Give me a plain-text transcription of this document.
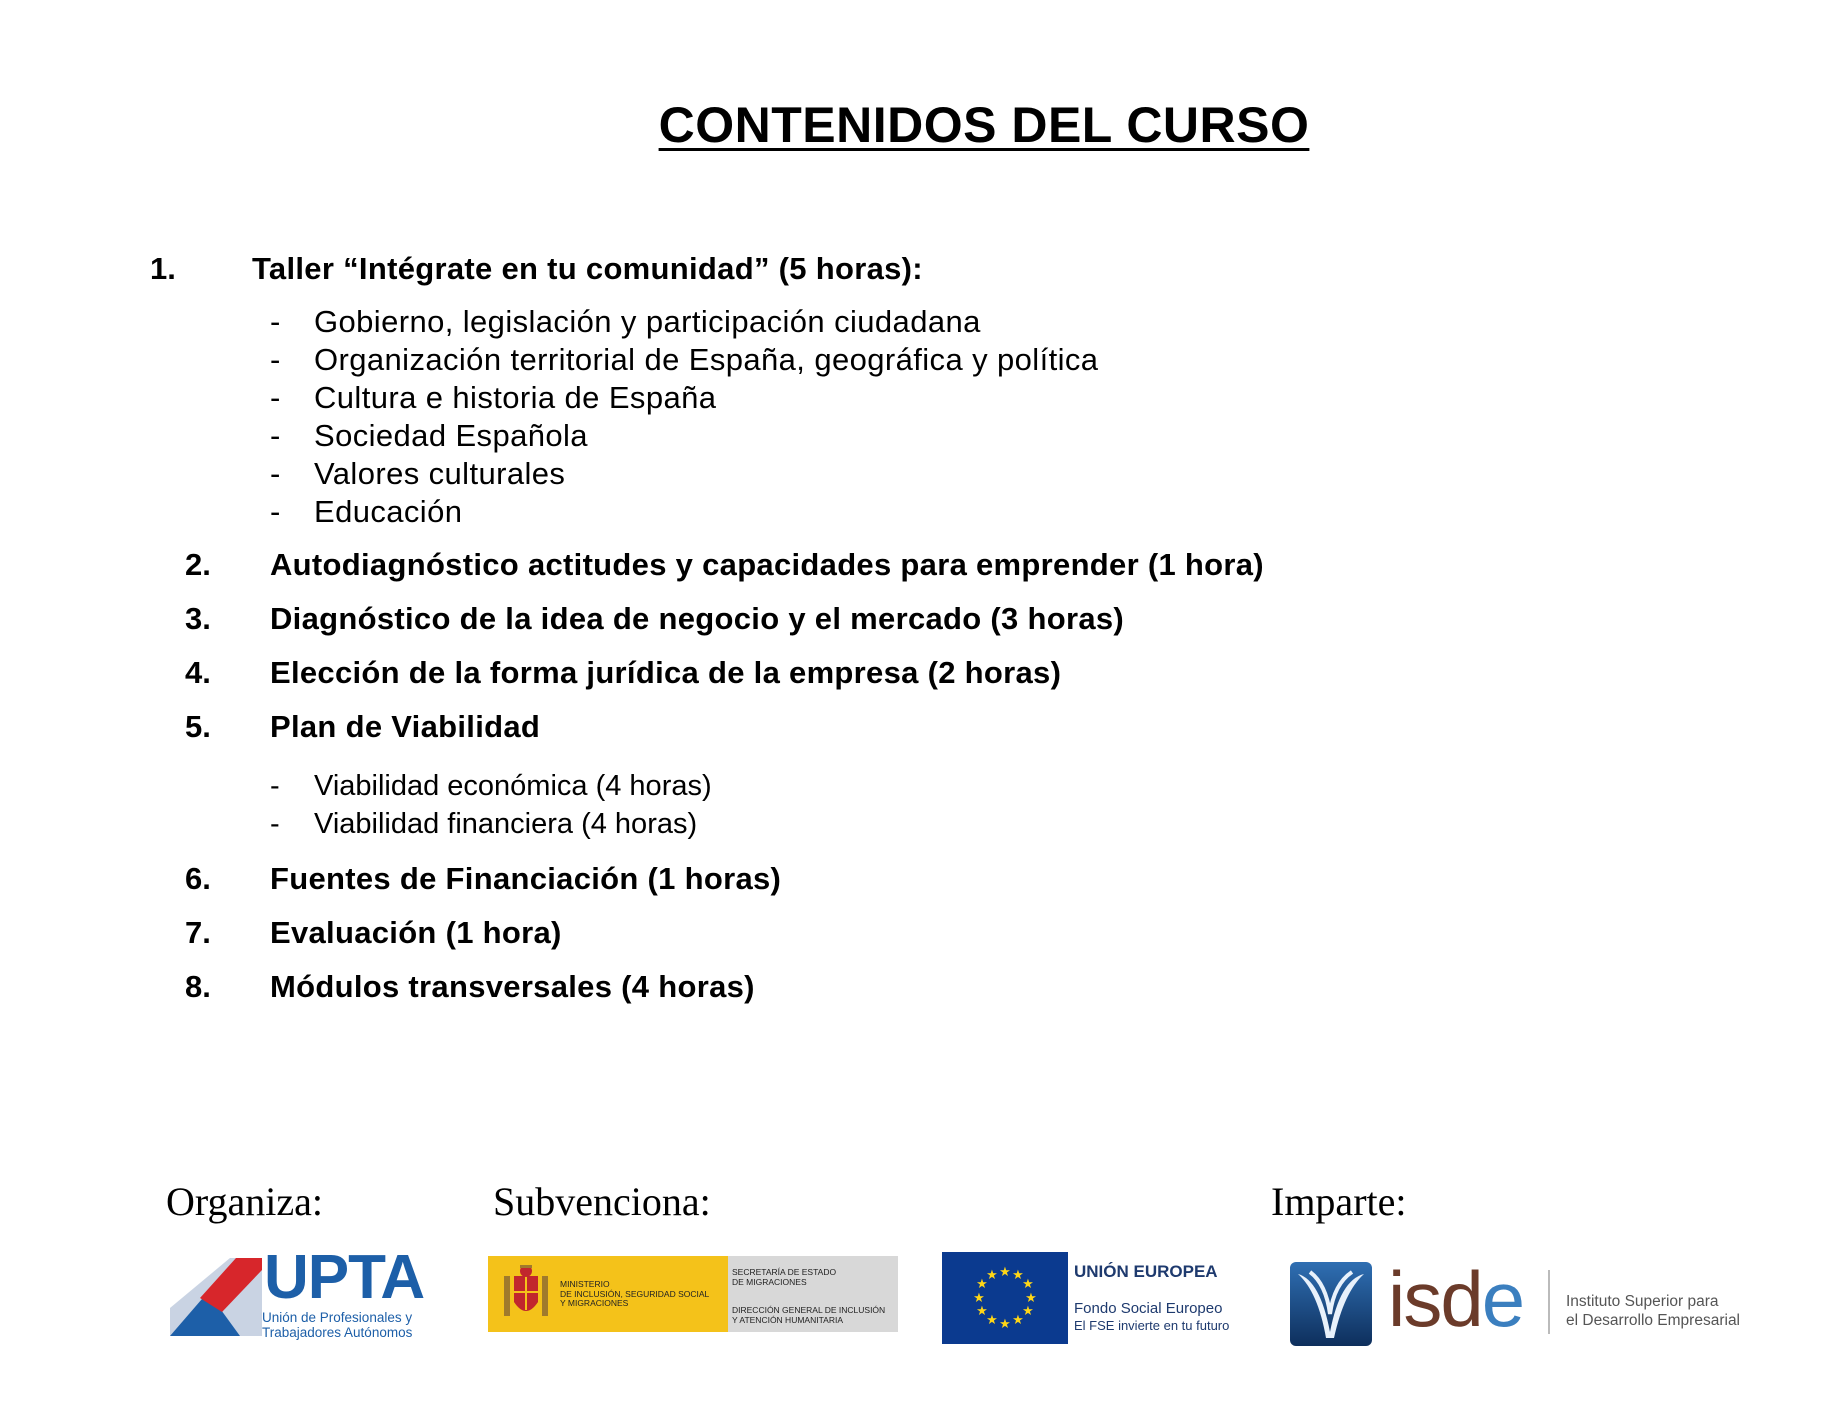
CONTENIDOS DEL CURSO
1. Taller “Intégrate en tu comunidad” (5 horas):
- Gobierno, legislación y participación ciudadana
- Organización territorial de España, geográfica y política
- Cultura e historia de España
- Sociedad Española
- Valores culturales
- Educación
2. Autodiagnóstico actitudes y capacidades para emprender (1 hora)
3. Diagnóstico de la idea de negocio y el mercado (3 horas)
4. Elección de la forma jurídica de la empresa (2 horas)
5. Plan de Viabilidad
- Viabilidad económica (4 horas)
- Viabilidad financiera (4 horas)
6. Fuentes de Financiación (1 horas)
7. Evaluación (1 hora)
8. Módulos transversales (4 horas)
Organiza:	Subvenciona:	Imparte:
UPTA
Unión de Profesionales y
Trabajadores Autónomos
MINISTERIO
DE INCLUSIÓN, SEGURIDAD SOCIAL
Y MIGRACIONES
SECRETARÍA DE ESTADO
DE MIGRACIONES
DIRECCIÓN GENERAL DE INCLUSIÓN
Y ATENCIÓN HUMANITARIA
★ ★
★
★
★
★
★
★
★
★
★
★	UNIÓN EUROPEA
Fondo Social Europeo
El FSE invierte en tu futuro isde	Instituto Superior para
el Desarrollo Empresarial
